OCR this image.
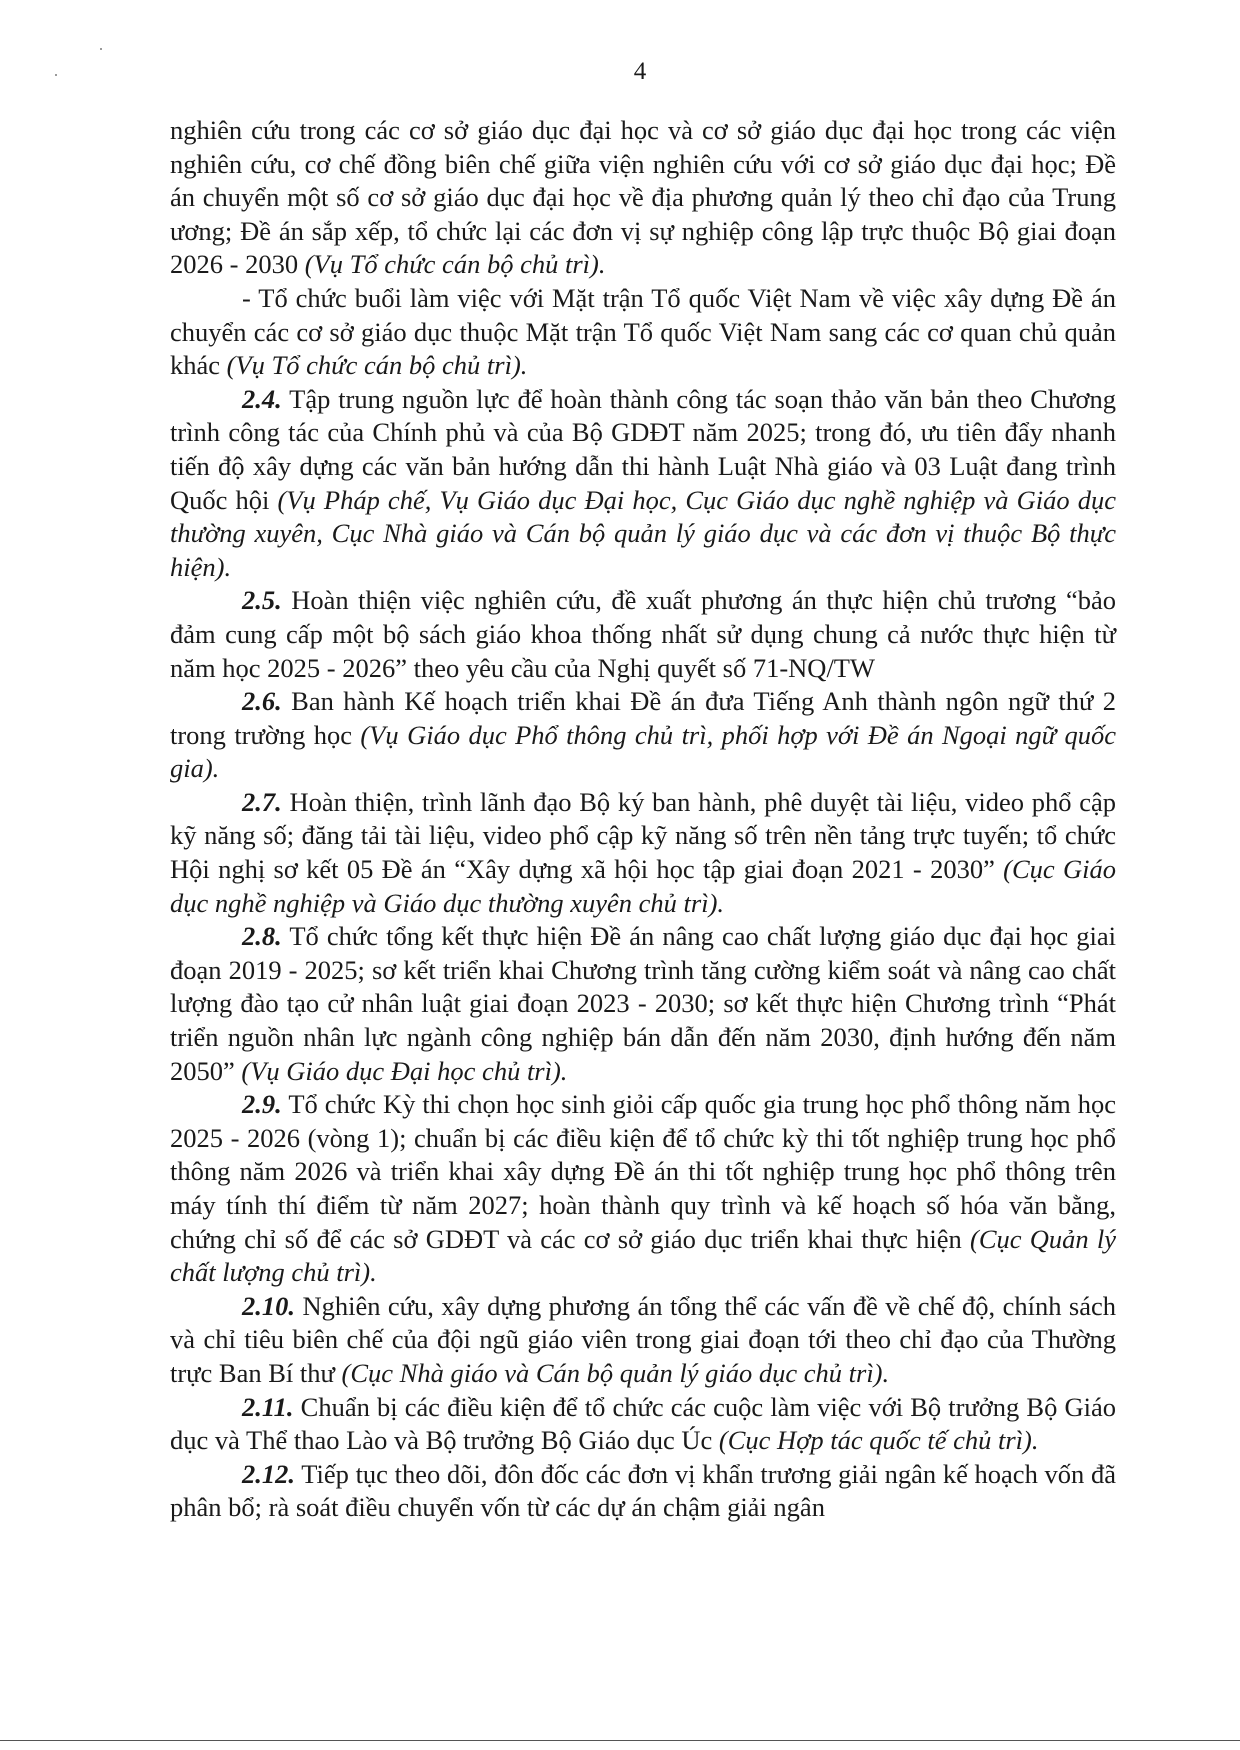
4

nghiên cứu trong các cơ sở giáo dục đại học và cơ sở giáo dục đại học trong các viện nghiên cứu, cơ chế đồng biên chế giữa viện nghiên cứu với cơ sở giáo dục đại học; Đề án chuyển một số cơ sở giáo dục đại học về địa phương quản lý theo chỉ đạo của Trung ương; Đề án sắp xếp, tổ chức lại các đơn vị sự nghiệp công lập trực thuộc Bộ giai đoạn 2026 - 2030 (Vụ Tổ chức cán bộ chủ trì).

- Tổ chức buổi làm việc với Mặt trận Tổ quốc Việt Nam về việc xây dựng Đề án chuyển các cơ sở giáo dục thuộc Mặt trận Tổ quốc Việt Nam sang các cơ quan chủ quản khác (Vụ Tổ chức cán bộ chủ trì).

2.4. Tập trung nguồn lực để hoàn thành công tác soạn thảo văn bản theo Chương trình công tác của Chính phủ và của Bộ GDĐT năm 2025; trong đó, ưu tiên đẩy nhanh tiến độ xây dựng các văn bản hướng dẫn thi hành Luật Nhà giáo và 03 Luật đang trình Quốc hội (Vụ Pháp chế, Vụ Giáo dục Đại học, Cục Giáo dục nghề nghiệp và Giáo dục thường xuyên, Cục Nhà giáo và Cán bộ quản lý giáo dục và các đơn vị thuộc Bộ thực hiện).

2.5. Hoàn thiện việc nghiên cứu, đề xuất phương án thực hiện chủ trương “bảo đảm cung cấp một bộ sách giáo khoa thống nhất sử dụng chung cả nước thực hiện từ năm học 2025 - 2026” theo yêu cầu của Nghị quyết số 71-NQ/TW

2.6. Ban hành Kế hoạch triển khai Đề án đưa Tiếng Anh thành ngôn ngữ thứ 2 trong trường học (Vụ Giáo dục Phổ thông chủ trì, phối hợp với Đề án Ngoại ngữ quốc gia).

2.7. Hoàn thiện, trình lãnh đạo Bộ ký ban hành, phê duyệt tài liệu, video phổ cập kỹ năng số; đăng tải tài liệu, video phổ cập kỹ năng số trên nền tảng trực tuyến; tổ chức Hội nghị sơ kết 05 Đề án “Xây dựng xã hội học tập giai đoạn 2021 - 2030” (Cục Giáo dục nghề nghiệp và Giáo dục thường xuyên chủ trì).

2.8. Tổ chức tổng kết thực hiện Đề án nâng cao chất lượng giáo dục đại học giai đoạn 2019 - 2025; sơ kết triển khai Chương trình tăng cường kiểm soát và nâng cao chất lượng đào tạo cử nhân luật giai đoạn 2023 - 2030; sơ kết thực hiện Chương trình “Phát triển nguồn nhân lực ngành công nghiệp bán dẫn đến năm 2030, định hướng đến năm 2050” (Vụ Giáo dục Đại học chủ trì).

2.9. Tổ chức Kỳ thi chọn học sinh giỏi cấp quốc gia trung học phổ thông năm học 2025 - 2026 (vòng 1); chuẩn bị các điều kiện để tổ chức kỳ thi tốt nghiệp trung học phổ thông năm 2026 và triển khai xây dựng Đề án thi tốt nghiệp trung học phổ thông trên máy tính thí điểm từ năm 2027; hoàn thành quy trình và kế hoạch số hóa văn bằng, chứng chỉ số để các sở GDĐT và các cơ sở giáo dục triển khai thực hiện (Cục Quản lý chất lượng chủ trì).

2.10. Nghiên cứu, xây dựng phương án tổng thể các vấn đề về chế độ, chính sách và chỉ tiêu biên chế của đội ngũ giáo viên trong giai đoạn tới theo chỉ đạo của Thường trực Ban Bí thư (Cục Nhà giáo và Cán bộ quản lý giáo dục chủ trì).

2.11. Chuẩn bị các điều kiện để tổ chức các cuộc làm việc với Bộ trưởng Bộ Giáo dục và Thể thao Lào và Bộ trưởng Bộ Giáo dục Úc (Cục Hợp tác quốc tế chủ trì).

2.12. Tiếp tục theo dõi, đôn đốc các đơn vị khẩn trương giải ngân kế hoạch vốn đã phân bổ; rà soát điều chuyển vốn từ các dự án chậm giải ngân
